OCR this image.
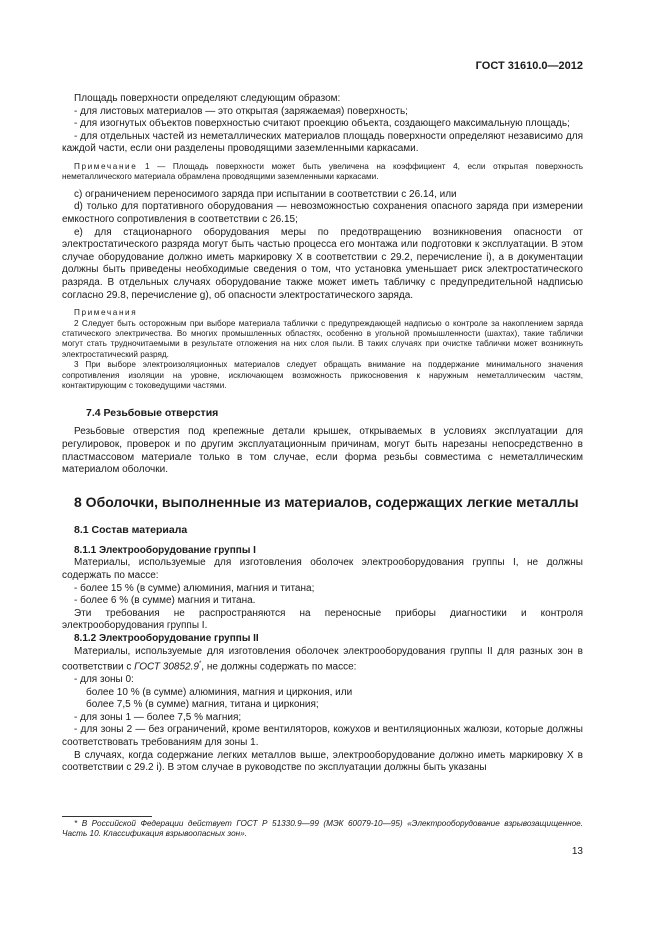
ГОСТ 31610.0—2012

Площадь поверхности определяют следующим образом:

- для листовых материалов — это открытая (заряжаемая) поверхность;

- для изогнутых объектов поверхностью считают проекцию объекта, создающего максимальную площадь;

- для отдельных частей из неметаллических материалов площадь поверхности определяют независимо для каждой части, если они разделены проводящими заземленными каркасами.

Примечание 1 — Площадь поверхности может быть увеличена на коэффициент 4, если открытая поверхность неметаллического материала обрамлена проводящими заземленными каркасами.

c) ограничением переносимого заряда при испытании в соответствии с 26.14, или

d) только для портативного оборудования — невозможностью сохранения опасного заряда при измерении емкостного сопротивления в соответствии с 26.15;

e) для стационарного оборудования меры по предотвращению возникновения опасности от электростатического разряда могут быть частью процесса его монтажа или подготовки к эксплуатации. В этом случае оборудование должно иметь маркировку X в соответствии с 29.2, перечисление i), а в документации должны быть приведены необходимые сведения о том, что установка уменьшает риск электростатического разряда. В отдельных случаях оборудование также может иметь табличку с предупредительной надписью согласно 29.8, перечисление g), об опасности электростатического заряда.

Примечания

2 Следует быть осторожным при выборе материала таблички с предупреждающей надписью о контроле за накоплением заряда статического электричества. Во многих промышленных областях, особенно в угольной промышленности (шахтах), такие таблички могут стать трудночитаемыми в результате отложения на них слоя пыли. В таких случаях при очистке таблички может возникнуть электростатический разряд.

3 При выборе электроизоляционных материалов следует обращать внимание на поддержание минимального значения сопротивления изоляции на уровне, исключающем возможность прикосновения к наружным неметаллическим частям, контактирующим с токоведущими частями.

7.4 Резьбовые отверстия

Резьбовые отверстия под крепежные детали крышек, открываемых в условиях эксплуатации для регулировок, проверок и по другим эксплуатационным причинам, могут быть нарезаны непосредственно в пластмассовом материале только в том случае, если форма резьбы совместима с неметаллическим материалом оболочки.

8 Оболочки, выполненные из материалов, содержащих легкие металлы
8.1 Состав материала
8.1.1 Электрооборудование группы I

Материалы, используемые для изготовления оболочек электрооборудования группы I, не должны содержать по массе:

- более 15 % (в сумме) алюминия, магния и титана;

- более 6 % (в сумме) магния и титана.

Эти требования не распространяются на переносные приборы диагностики и контроля электрооборудования группы I.

8.1.2 Электрооборудование группы II

Материалы, используемые для изготовления оболочек электрооборудования группы II для разных зон в соответствии с ГОСТ 30852.9*, не должны содержать по массе:

- для зоны 0:

более 10 % (в сумме) алюминия, магния и циркония, или

более 7,5 % (в сумме) магния, титана и циркония;

- для зоны 1 — более 7,5 % магния;

- для зоны 2 — без ограничений, кроме вентиляторов, кожухов и вентиляционных жалюзи, которые должны соответствовать требованиям для зоны 1.

В случаях, когда содержание легких металлов выше, электрооборудование должно иметь маркировку X в соответствии с 29.2 i). В этом случае в руководстве по эксплуатации должны быть указаны

* В Российской Федерации действует ГОСТ Р 51330.9—99 (МЭК 60079-10—95) «Электрооборудование взрывозащищенное. Часть 10. Классификация взрывоопасных зон».

13
